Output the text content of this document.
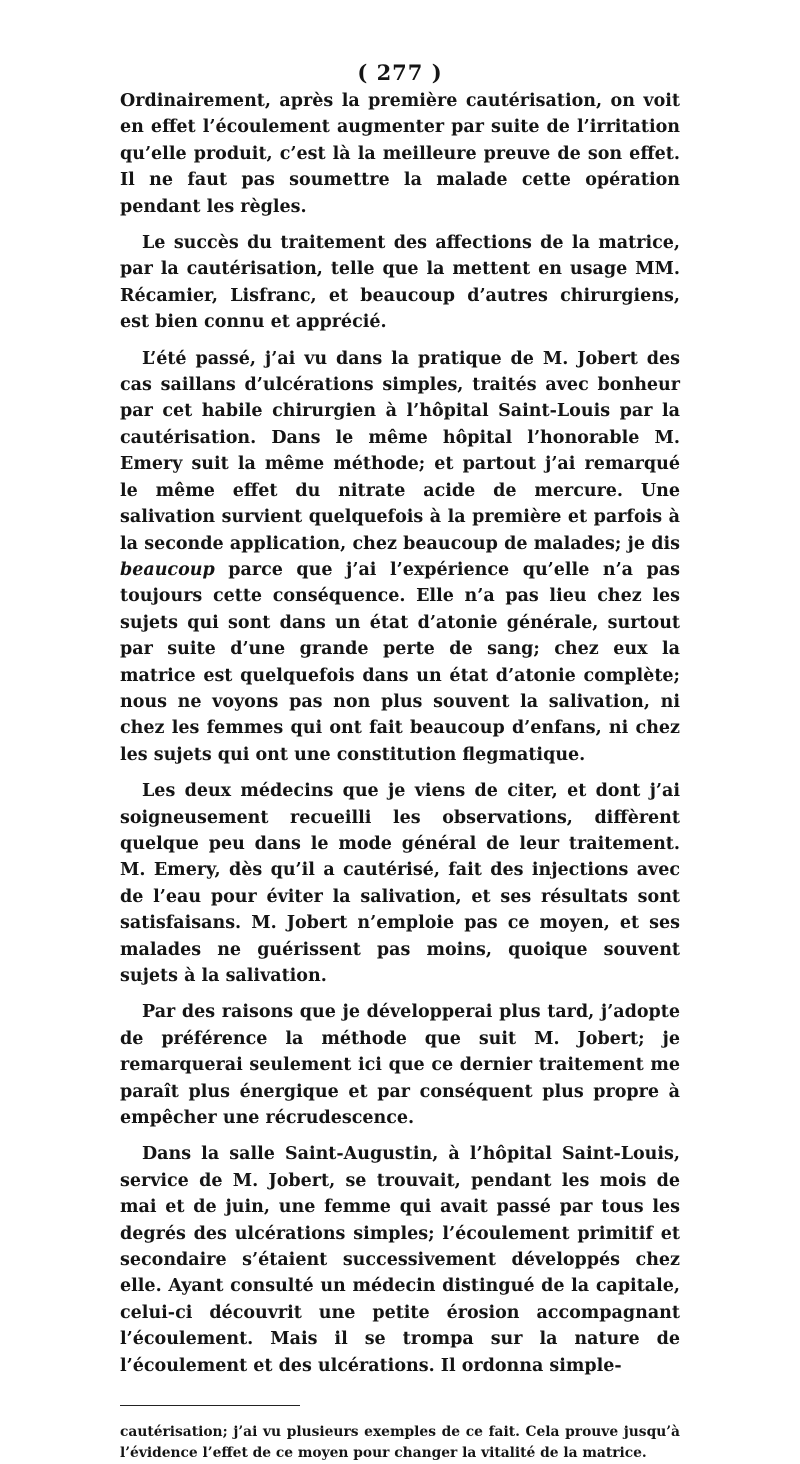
( 277 )

Ordinairement, après la première cautérisation, on voit en effet l’écoulement augmenter par suite de l’irritation qu’elle produit, c’est là la meilleure preuve de son effet. Il ne faut pas soumettre la malade cette opération pendant les règles.

Le succès du traitement des affections de la matrice, par la cautérisation, telle que la mettent en usage MM. Récamier, Lisfranc, et beaucoup d’autres chirurgiens, est bien connu et apprécié.

L’été passé, j’ai vu dans la pratique de M. Jobert des cas saillans d’ulcérations simples, traités avec bonheur par cet habile chirurgien à l’hôpital Saint-Louis par la cautérisation. Dans le même hôpital l’honorable M. Emery suit la même méthode; et partout j’ai remarqué le même effet du nitrate acide de mercure. Une salivation survient quelquefois à la première et parfois à la seconde application, chez beaucoup de malades; je dis beaucoup parce que j’ai l’expérience qu’elle n’a pas toujours cette conséquence. Elle n’a pas lieu chez les sujets qui sont dans un état d’atonie générale, surtout par suite d’une grande perte de sang; chez eux la matrice est quelquefois dans un état d’atonie complète; nous ne voyons pas non plus souvent la salivation, ni chez les femmes qui ont fait beaucoup d’enfans, ni chez les sujets qui ont une constitution flegmatique.

Les deux médecins que je viens de citer, et dont j’ai soigneusement recueilli les observations, diffèrent quelque peu dans le mode général de leur traitement. M. Emery, dès qu’il a cautérisé, fait des injections avec de l’eau pour éviter la salivation, et ses résultats sont satisfaisans. M. Jobert n’emploie pas ce moyen, et ses malades ne guérissent pas moins, quoique souvent sujets à la salivation.

Par des raisons que je développerai plus tard, j’adopte de préférence la méthode que suit M. Jobert; je remarquerai seulement ici que ce dernier traitement me paraît plus énergique et par conséquent plus propre à empêcher une récrudescence.

Dans la salle Saint-Augustin, à l’hôpital Saint-Louis, service de M. Jobert, se trouvait, pendant les mois de mai et de juin, une femme qui avait passé par tous les degrés des ulcérations simples; l’écoulement primitif et secondaire s’étaient successivement développés chez elle. Ayant consulté un médecin distingué de la capitale, celui-ci découvrit une petite érosion accompagnant l’écoulement. Mais il se trompa sur la nature de l’écoulement et des ulcérations. Il ordonna simple-

cautérisation; j’ai vu plusieurs exemples de ce fait. Cela prouve jusqu’à l’évidence l’effet de ce moyen pour changer la vitalité de la matrice.
